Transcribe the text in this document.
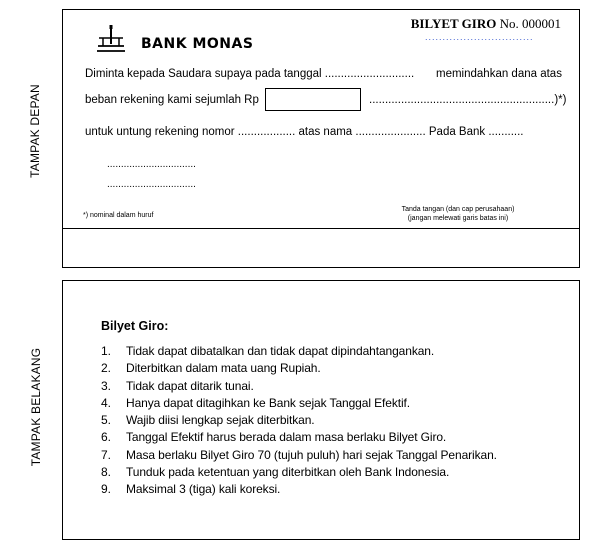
TAMPAK DEPAN
TAMPAK BELAKANG
BILYET GIRO No. 000001
...............................
BANK MONAS
Diminta kepada Saudara supaya pada tanggal ............................ memindahkan dana atas
beban rekening kami sejumlah Rp	..........................................................)*)
untuk untung rekening nomor .................. atas nama ...................... Pada Bank ...........
................................
................................
*) nominal dalam huruf
Tanda tangan (dan cap perusahaan)
(jangan melewati garis batas ini)
Bilyet Giro:
1. Tidak dapat dibatalkan dan tidak dapat dipindahtangankan.
2. Diterbitkan dalam mata uang Rupiah.
3. Tidak dapat ditarik tunai.
4. Hanya dapat ditagihkan ke Bank sejak Tanggal Efektif.
5. Wajib diisi lengkap sejak diterbitkan.
6. Tanggal Efektif harus berada dalam masa berlaku Bilyet Giro.
7. Masa berlaku Bilyet Giro 70 (tujuh puluh) hari sejak Tanggal Penarikan.
8. Tunduk pada ketentuan yang diterbitkan oleh Bank Indonesia.
9. Maksimal 3 (tiga) kali koreksi.
